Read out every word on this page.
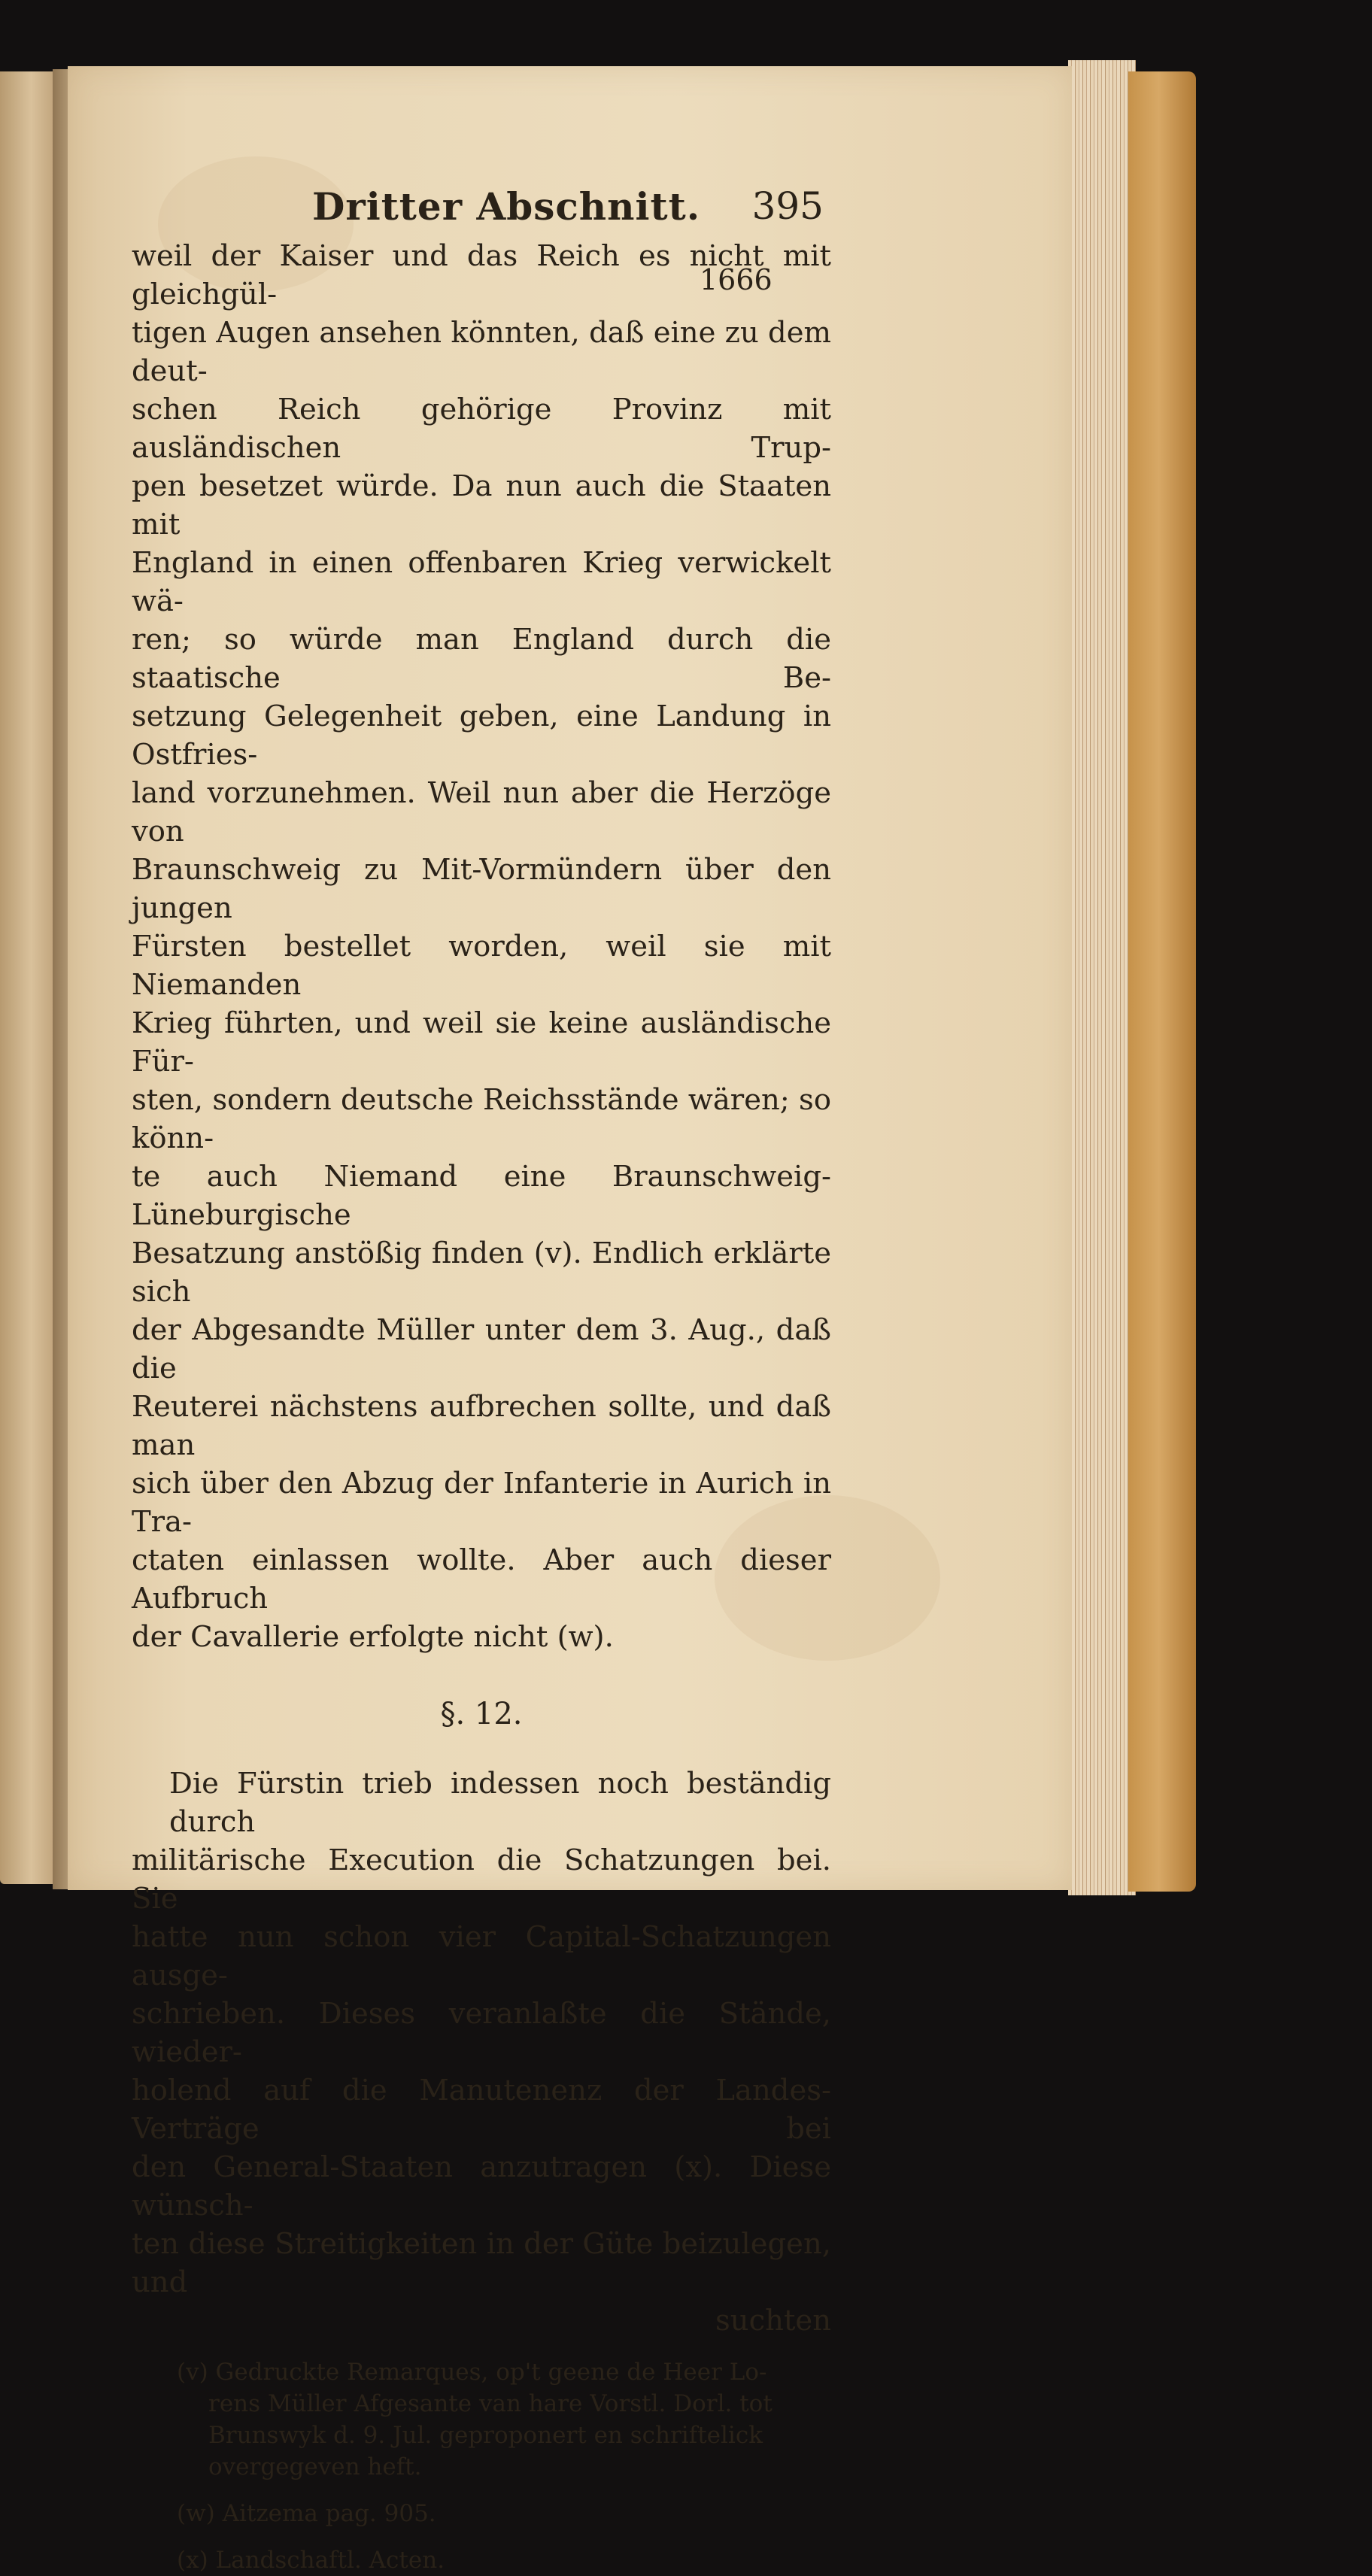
1666
Dritter Abschnitt. 395
weil der Kaiser und das Reich es nicht mit gleichgül-
tigen Augen ansehen könnten, daß eine zu dem deut-
schen Reich gehörige Provinz mit ausländischen Trup-
pen besetzet würde. Da nun auch die Staaten mit
England in einen offenbaren Krieg verwickelt wä-
ren; so würde man England durch die staatische Be-
setzung Gelegenheit geben, eine Landung in Ostfries-
land vorzunehmen. Weil nun aber die Herzöge von
Braunschweig zu Mit-Vormündern über den jungen
Fürsten bestellet worden, weil sie mit Niemanden
Krieg führten, und weil sie keine ausländische Für-
sten, sondern deutsche Reichsstände wären; so könn-
te auch Niemand eine Braunschweig-Lüneburgische
Besatzung anstößig finden (v). Endlich erklärte sich
der Abgesandte Müller unter dem 3. Aug., daß die
Reuterei nächstens aufbrechen sollte, und daß man
sich über den Abzug der Infanterie in Aurich in Tra-
ctaten einlassen wollte. Aber auch dieser Aufbruch
der Cavallerie erfolgte nicht (w).
§. 12.
Die Fürstin trieb indessen noch beständig durch
militärische Execution die Schatzungen bei. Sie
hatte nun schon vier Capital-Schatzungen ausge-
schrieben. Dieses veranlaßte die Stände, wieder-
holend auf die Manutenenz der Landes-Verträge bei
den General-Staaten anzutragen (x). Diese wünsch-
ten diese Streitigkeiten in der Güte beizulegen, und
suchten
(v) Gedruckte Remarques, op't geene de Heer Lo-
rens Müller Afgesante van hare Vorstl. Dorl. tot
Brunswyk d. 9. Jul. geproponert en schriftelick
overgegeven heft.
(w) Aitzema pag. 905.
(x) Landschaftl. Acten.
